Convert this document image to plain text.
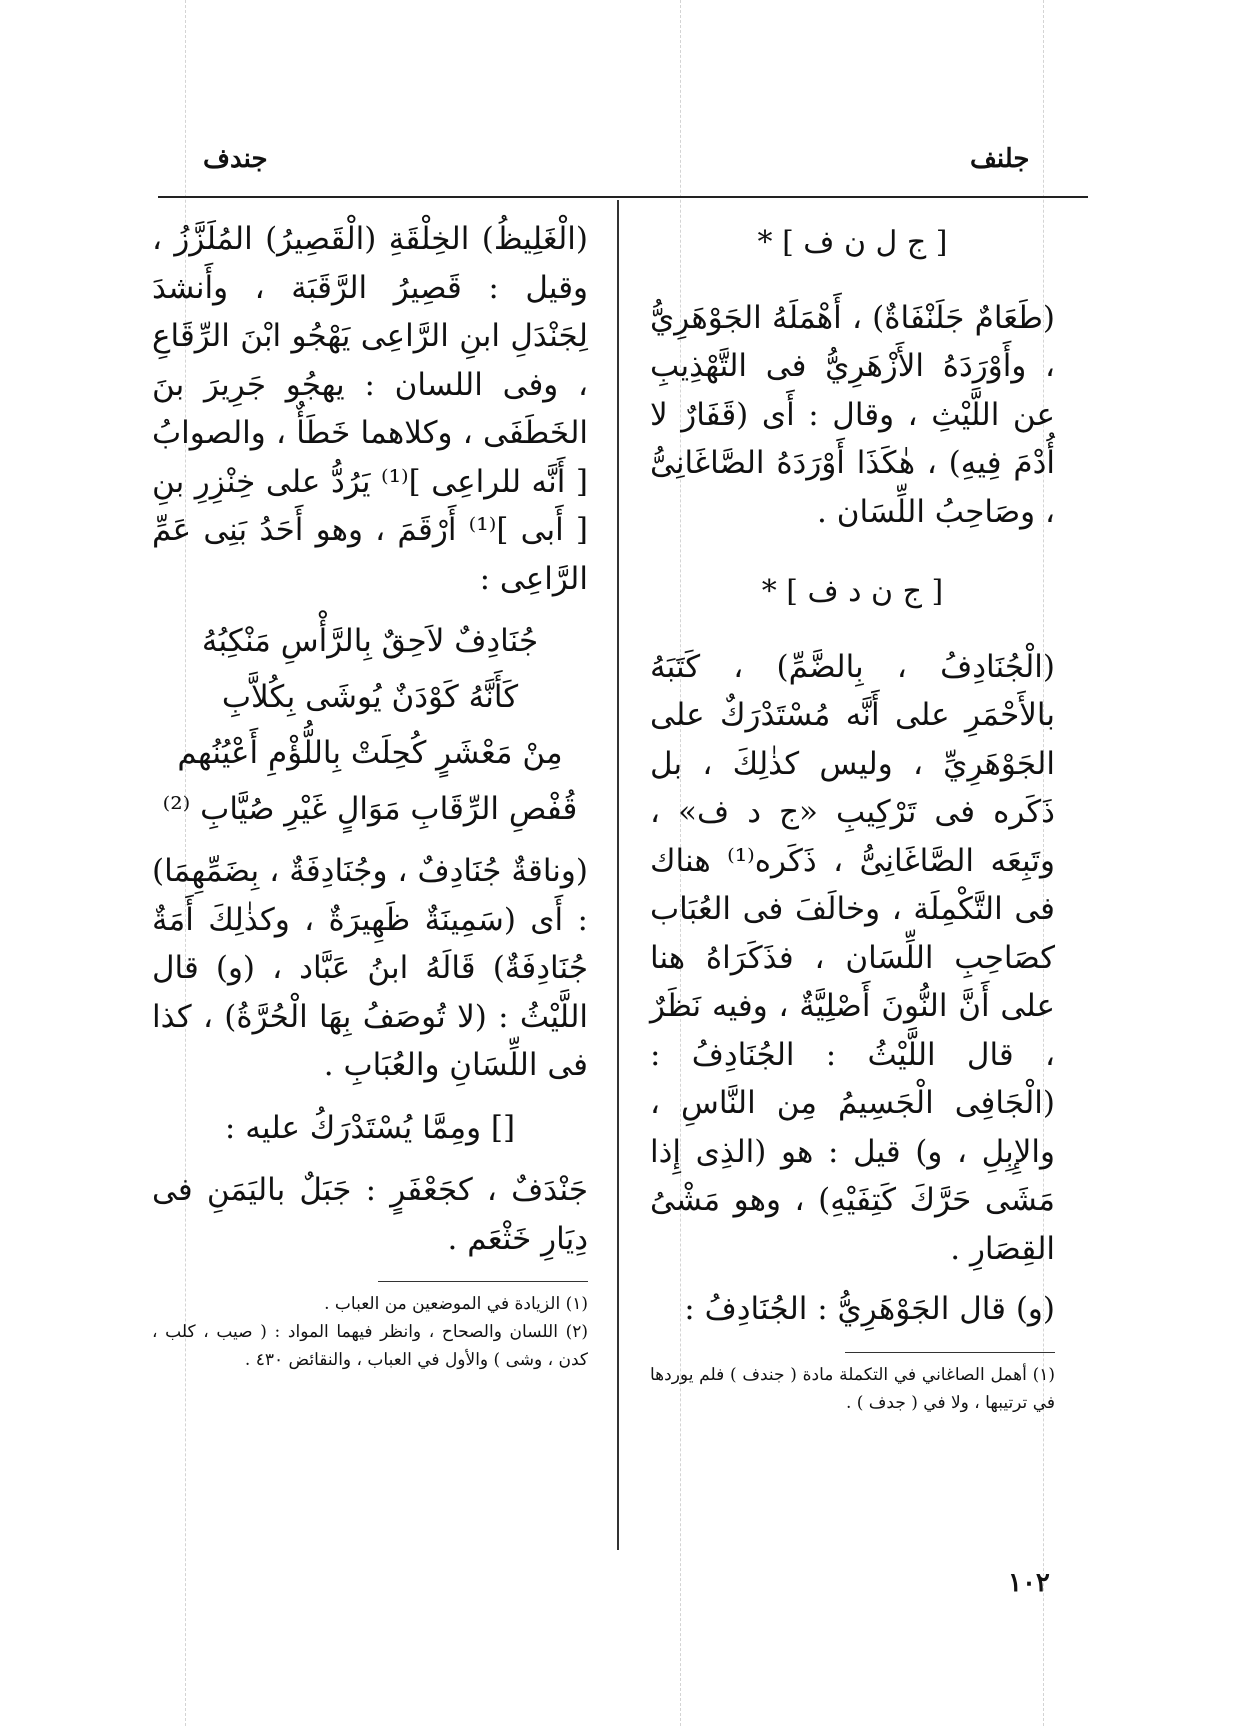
جلنف
جندف

[ ج ل ن ف ] *

(طَعَامٌ جَلَنْفَاةٌ) ، أَهْمَلَهُ الجَوْهَرِيُّ ، وأَوْرَدَهُ الأَزْهَرِيُّ فى التَّهْذِيبِ عن اللَّيْثِ ، وقال : أَى (قَفَارٌ لا أُدْمَ فِيهِ) ، هٰكَذَا أَوْرَدَهُ الصَّاغَانِىُّ ، وصَاحِبُ اللِّسَان .

[ ج ن د ف ] *

(الْجُنَادِفُ ، بِالضَّمِّ) ، كَتَبَهُ بالأَحْمَرِ على أَنَّه مُسْتَدْرَكٌ على الجَوْهَرِيِّ ، وليس كذٰلِكَ ، بل ذَكَره فى تَرْكِيبِ «ج د ف» ، وتَبِعَه الصَّاغَانِىُّ ، ذَكَره⁽¹⁾ هناك فى التَّكْمِلَة ، وخالَفَ فى العُبَاب كصَاحِبِ اللِّسَان ، فذَكَرَاهُ هنا على أَنَّ النُّونَ أَصْلِيَّةٌ ، وفيه نَظَرٌ ، قال اللَّيْثُ : الجُنَادِفُ : (الْجَافِى الْجَسِيمُ مِن النَّاسِ ، والإِبِلِ ، و) قيل : هو (الذِى إِذا مَشَى حَرَّكَ كَتِفَيْهِ) ، وهو مَشْىُ القِصَارِ .

(و) قال الجَوْهَرِيُّ : الجُنَادِفُ :

(١) أهمل الصاغاني في التكملة مادة ( جندف ) فلم يوردها في ترتيبها ، ولا في ( جدف ) .

(الْغَلِيظُ) الخِلْقَةِ (الْقَصِيرُ) المُلَزَّزُ ، وقيل : قَصِيرُ الرَّقَبَة ، وأَنشدَ لِجَنْدَلِ ابنِ الرَّاعِى يَهْجُو ابْنَ الرِّقَاعِ ، وفى اللسان : يهجُو جَرِيرَ بنَ الخَطَفَى ، وكلاهما خَطَأٌ ، والصوابُ [ أَنَّه للراعِى ]⁽¹⁾ يَرُدُّ على خِنْزِرِ بنِ [ أَبى ]⁽¹⁾ أَرْقَمَ ، وهو أَحَدُ بَنِى عَمِّ الرَّاعِى :

جُنَادِفٌ لاَحِقٌ بِالرَّأْسِ مَنْكِبُهُ
كَأَنَّهُ كَوْدَنٌ يُوشَى بِكُلاَّبِ
مِنْ مَعْشَرٍ كُحِلَتْ بِاللُّؤْمِ أَعْيُنُهم
قُفْصِ الرِّقَابِ مَوَالٍ غَيْرِ صُيَّابِ ⁽²⁾

(وناقةٌ جُنَادِفٌ ، وجُنَادِفَةٌ ، بِضَمِّهِمَا) : أَى (سَمِينَةٌ ظَهِيرَةٌ ، وكذٰلِكَ أَمَةٌ جُنَادِفَةٌ) قَالَهُ ابنُ عَبَّاد ، (و) قال اللَّيْثُ : (لا تُوصَفُ بِهَا الْحُرَّةُ) ، كذا فى اللِّسَانِ والعُبَابِ .

[] ومِمَّا يُسْتَدْرَكُ عليه :

جَنْدَفٌ ، كجَعْفَرٍ : جَبَلٌ باليَمَنِ فى دِيَارِ خَثْعَم .

(١) الزيادة في الموضعين من العباب .

(٢) اللسان والصحاح ، وانظر فيهما المواد : ( صيب ، كلب ، كدن ، وشى ) والأول في العباب ، والنقائض ٤٣٠ .

١٠٢
